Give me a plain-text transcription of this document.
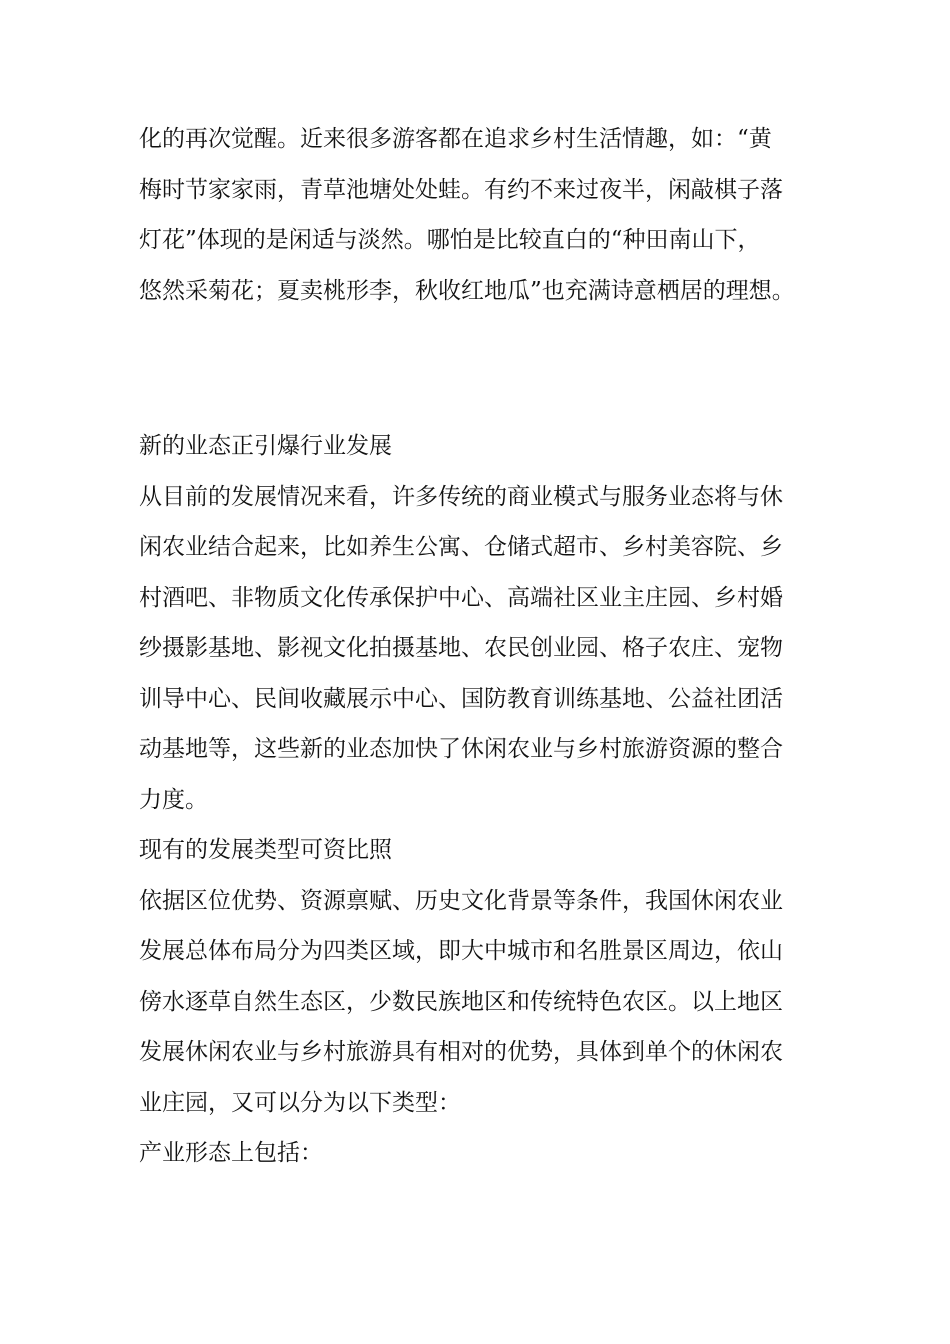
化的再次觉醒。近来很多游客都在追求乡村生活情趣，如：“黄
梅时节家家雨，青草池塘处处蛙。有约不来过夜半，闲敲棋子落
灯花”体现的是闲适与淡然。哪怕是比较直白的“种田南山下，
悠然采菊花；夏卖桃形李，秋收红地瓜”也充满诗意栖居的理想。
新的业态正引爆行业发展
从目前的发展情况来看，许多传统的商业模式与服务业态将与休
闲农业结合起来，比如养生公寓、仓储式超市、乡村美容院、乡
村酒吧、非物质文化传承保护中心、高端社区业主庄园、乡村婚
纱摄影基地、影视文化拍摄基地、农民创业园、格子农庄、宠物
训导中心、民间收藏展示中心、国防教育训练基地、公益社团活
动基地等，这些新的业态加快了休闲农业与乡村旅游资源的整合
力度。
现有的发展类型可资比照
依据区位优势、资源禀赋、历史文化背景等条件，我国休闲农业
发展总体布局分为四类区域，即大中城市和名胜景区周边，依山
傍水逐草自然生态区，少数民族地区和传统特色农区。以上地区
发展休闲农业与乡村旅游具有相对的优势，具体到单个的休闲农
业庄园，又可以分为以下类型：
产业形态上包括：
